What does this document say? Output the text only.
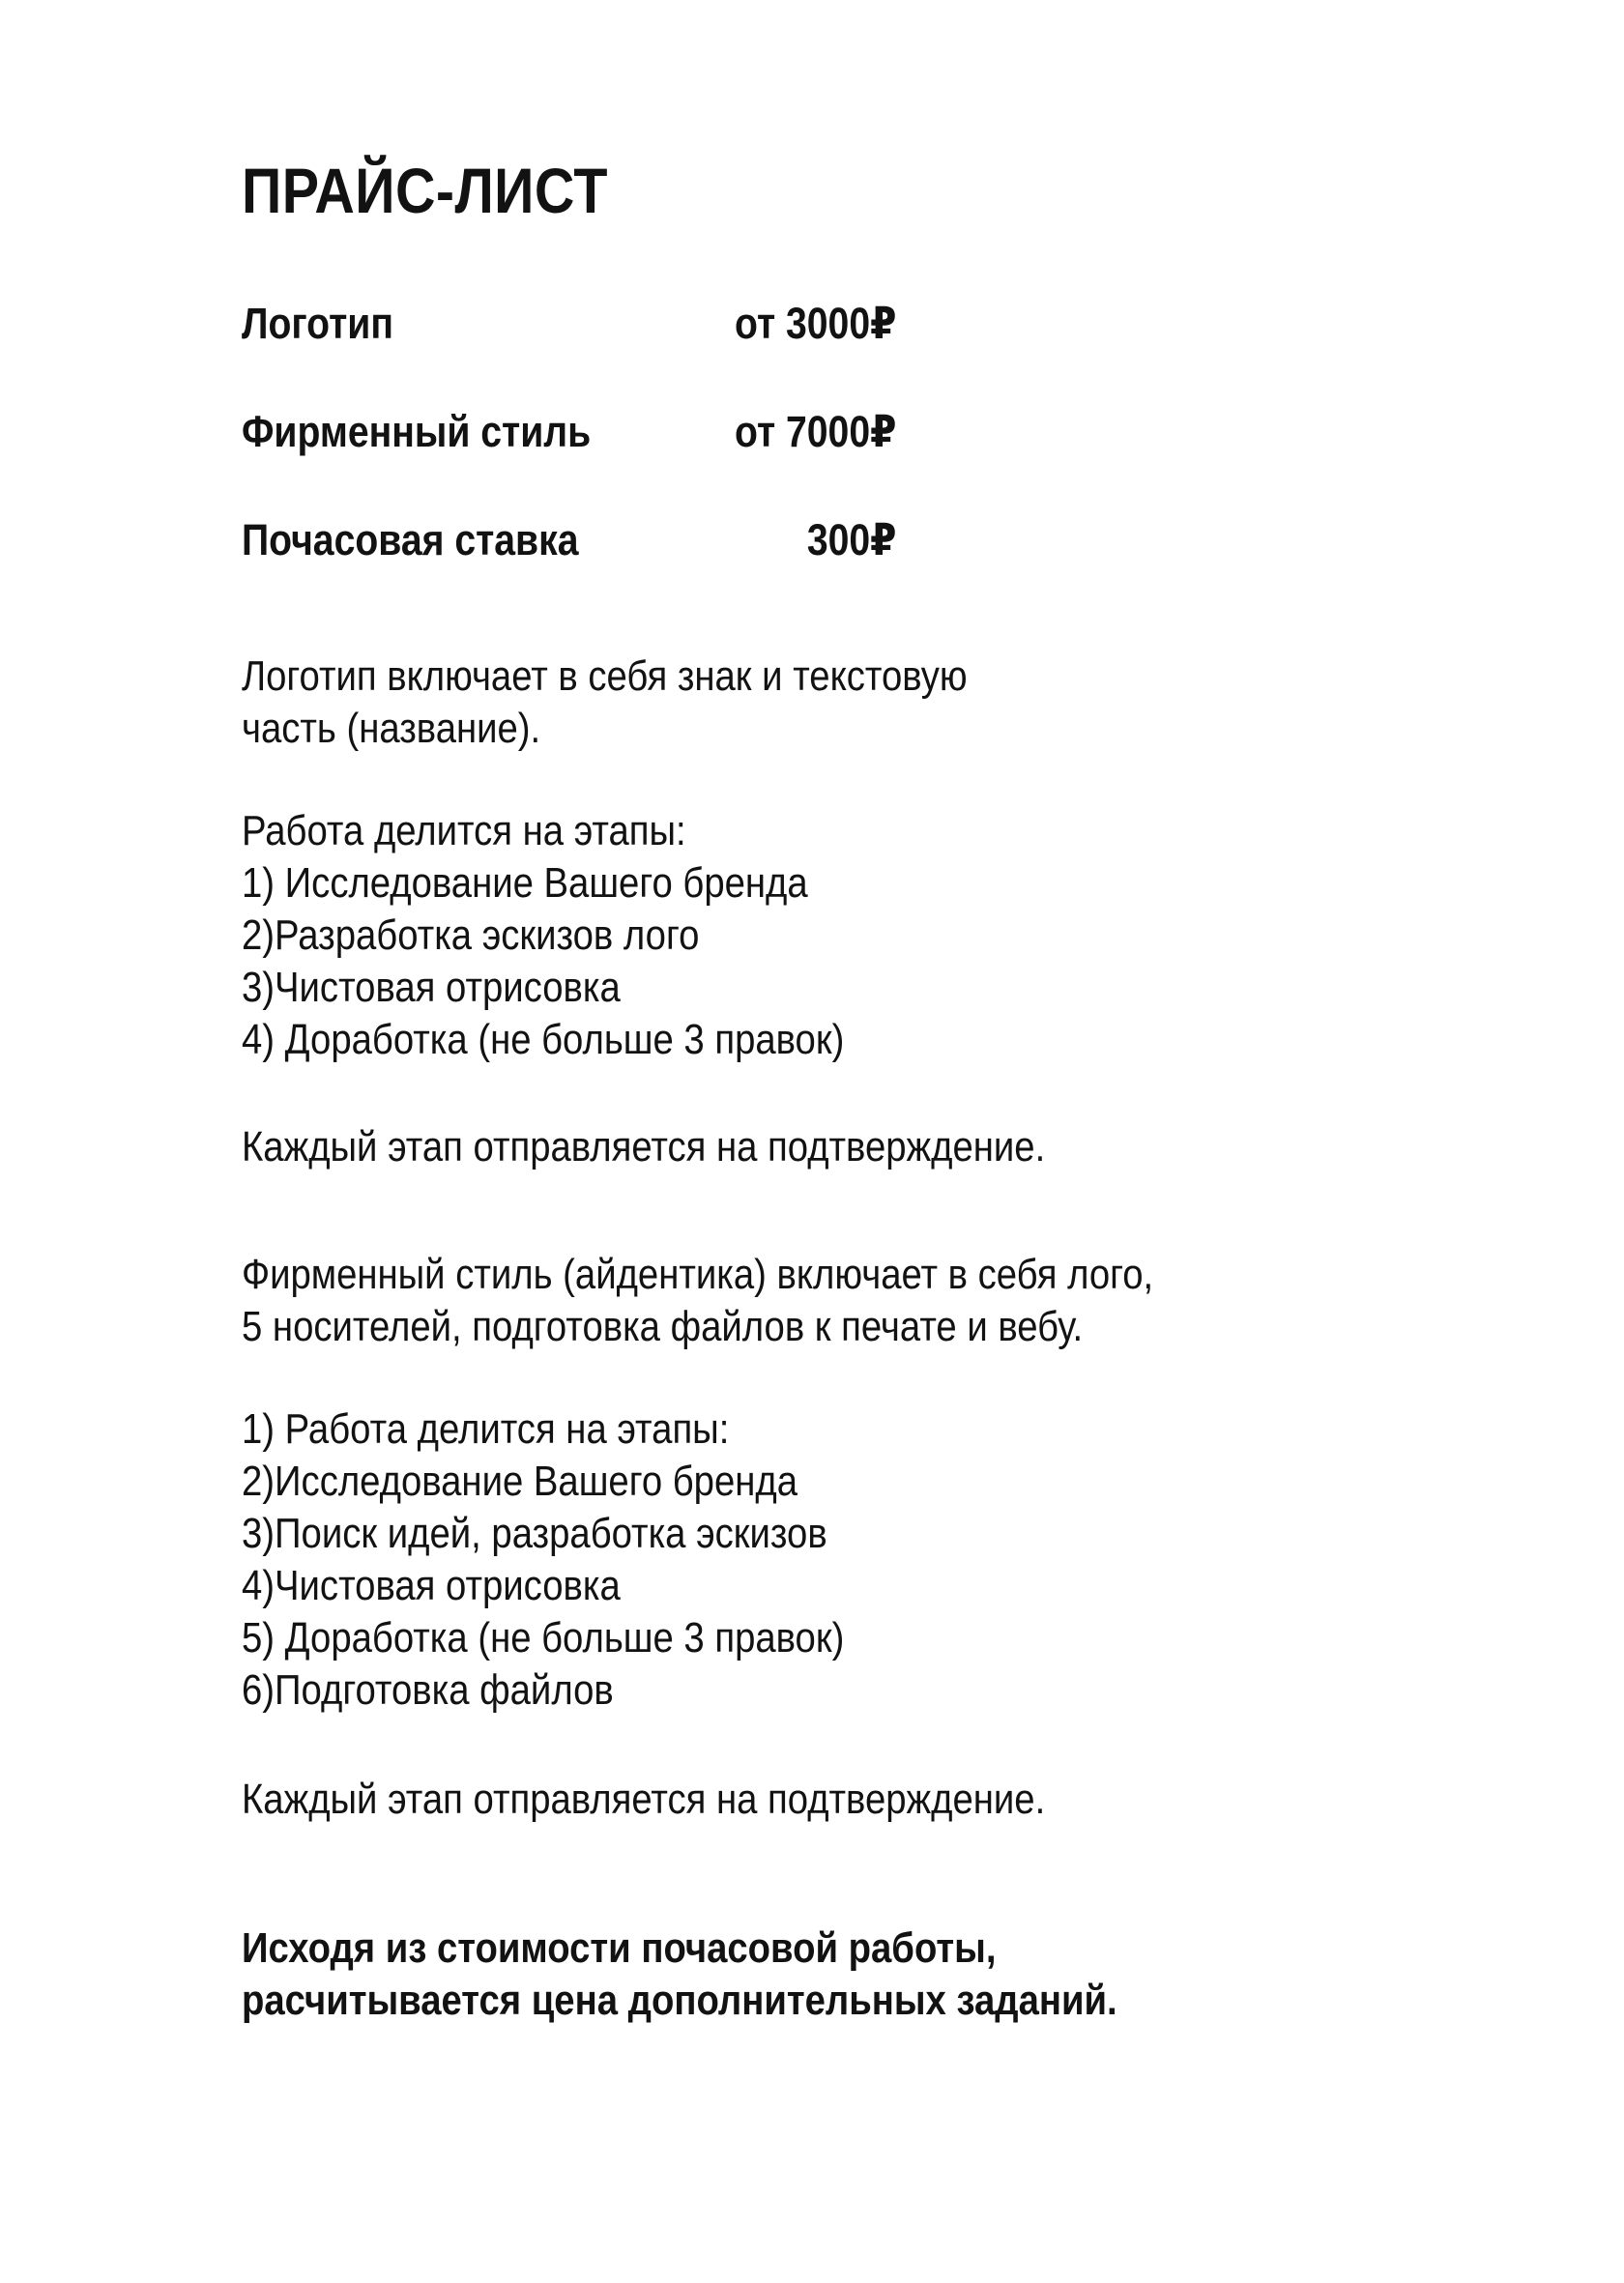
ПРАЙС-ЛИСТ
Логотип	от 3000₽
Фирменный стиль	от 7000₽
Почасовая ставка	300₽
Логотип включает в себя знак и текстовую
часть (название).
Работа делится на этапы:
1) Исследование Вашего бренда
2)Разработка эскизов лого
3)Чистовая отрисовка
4) Доработка (не больше 3 правок)
Каждый этап отправляется на подтверждение.
Фирменный стиль (айдентика) включает в себя лого,
5 носителей, подготовка файлов к печате и вебу.
1) Работа делится на этапы:
2)Исследование Вашего бренда
3)Поиск идей, разработка эскизов
4)Чистовая отрисовка
5) Доработка (не больше 3 правок)
6)Подготовка файлов
Каждый этап отправляется на подтверждение.
Исходя из стоимости почасовой работы,
расчитывается цена дополнительных заданий.
